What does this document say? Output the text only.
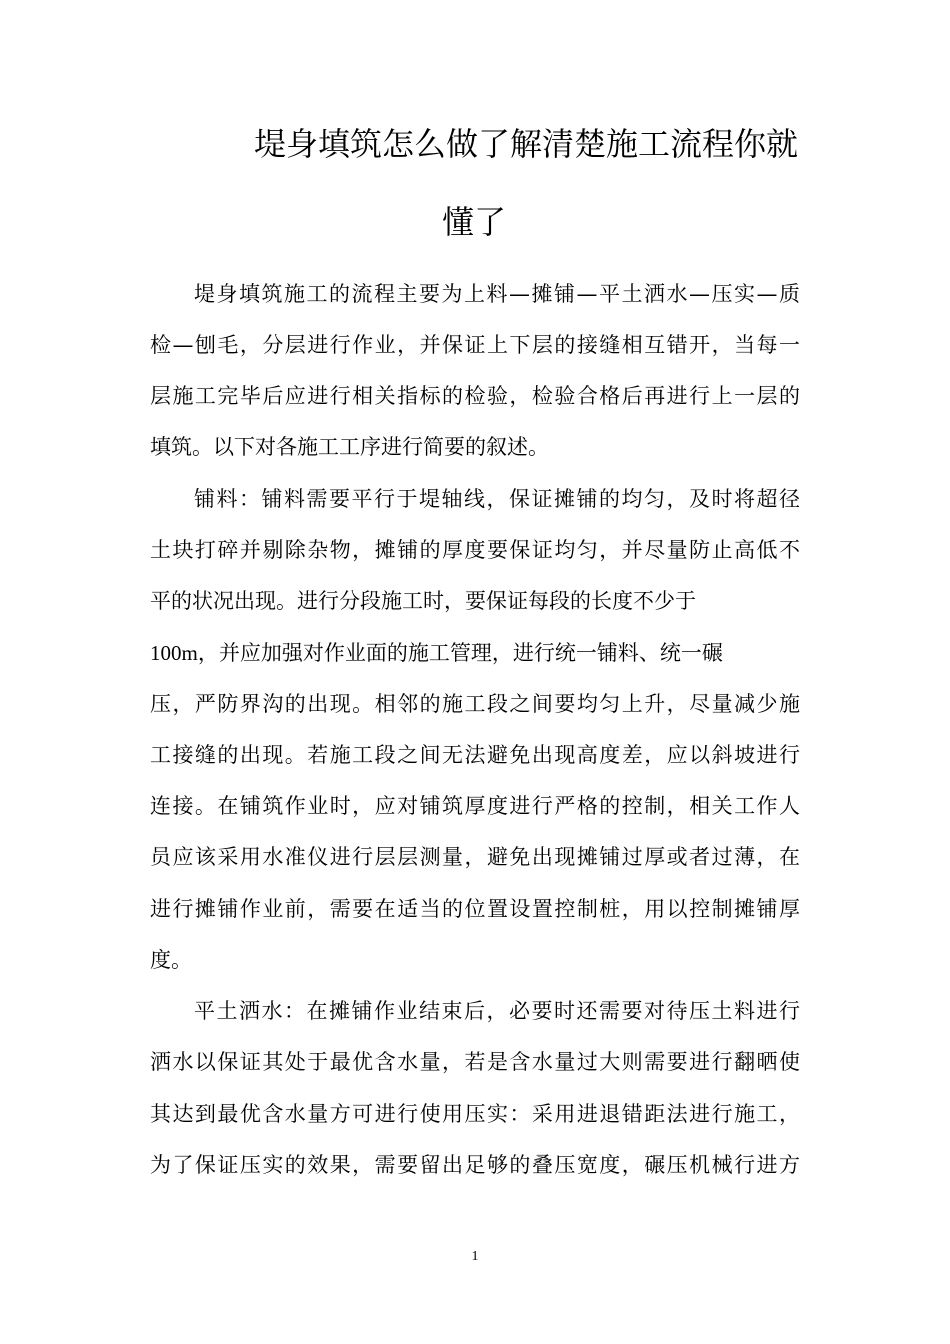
堤身填筑怎么做了解清楚施工流程你就
懂了
堤身填筑施工的流程主要为上料—摊铺—平土洒水—压实—质
检—刨毛，分层进行作业，并保证上下层的接缝相互错开，当每一
层施工完毕后应进行相关指标的检验，检验合格后再进行上一层的
填筑。以下对各施工工序进行简要的叙述。
铺料：铺料需要平行于堤轴线，保证摊铺的均匀，及时将超径
土块打碎并剔除杂物，摊铺的厚度要保证均匀，并尽量防止高低不
平的状况出现。进行分段施工时，要保证每段的长度不少于
100m，并应加强对作业面的施工管理，进行统一铺料、统一碾
压，严防界沟的出现。相邻的施工段之间要均匀上升，尽量减少施
工接缝的出现。若施工段之间无法避免出现高度差，应以斜坡进行
连接。在铺筑作业时，应对铺筑厚度进行严格的控制，相关工作人
员应该采用水准仪进行层层测量，避免出现摊铺过厚或者过薄，在
进行摊铺作业前，需要在适当的位置设置控制桩，用以控制摊铺厚
度。
平土洒水：在摊铺作业结束后，必要时还需要对待压土料进行
洒水以保证其处于最优含水量，若是含水量过大则需要进行翻晒使
其达到最优含水量方可进行使用压实：采用进退错距法进行施工，
为了保证压实的效果，需要留出足够的叠压宽度，碾压机械行进方
1
